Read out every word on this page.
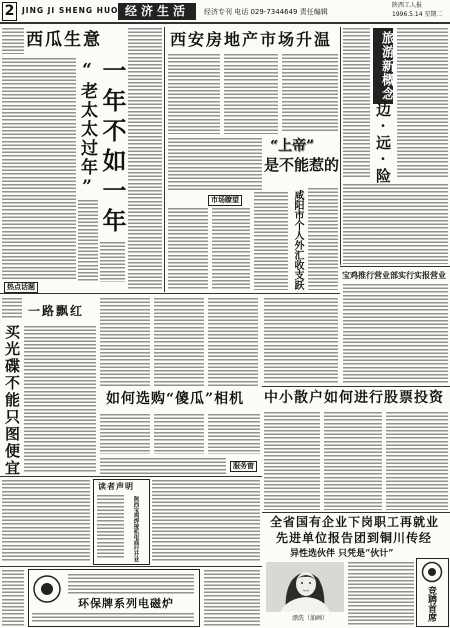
2	JING JI SHENG HUO 经济生活	经济专刊 电话 029-7344649 责任编辑
陕西工人报
1996.5.14 星期二
西瓜生意
“老太太过年” 一年不如一年
热点话题
西安房地产市场升温
“上帝”
是不能惹的
市场瞭望	咸阳市个人外汇收支跃
旅游新概念
边·远·险
宝鸡推行营业部实行实报营业
一路飘红
买光碟不能只图便宜	如何选购“傻瓜”相机
服务窗
中小散户如何进行股票投资
读者声明
陕西宝鸡焊接机电商行开业
环保牌系列电磁炉
全省国有企业下岗职工再就业
先进单位报告团到铜川传经
异性选伙伴 只凭是“伙计”
漂洗（油画）	竞聘首席
